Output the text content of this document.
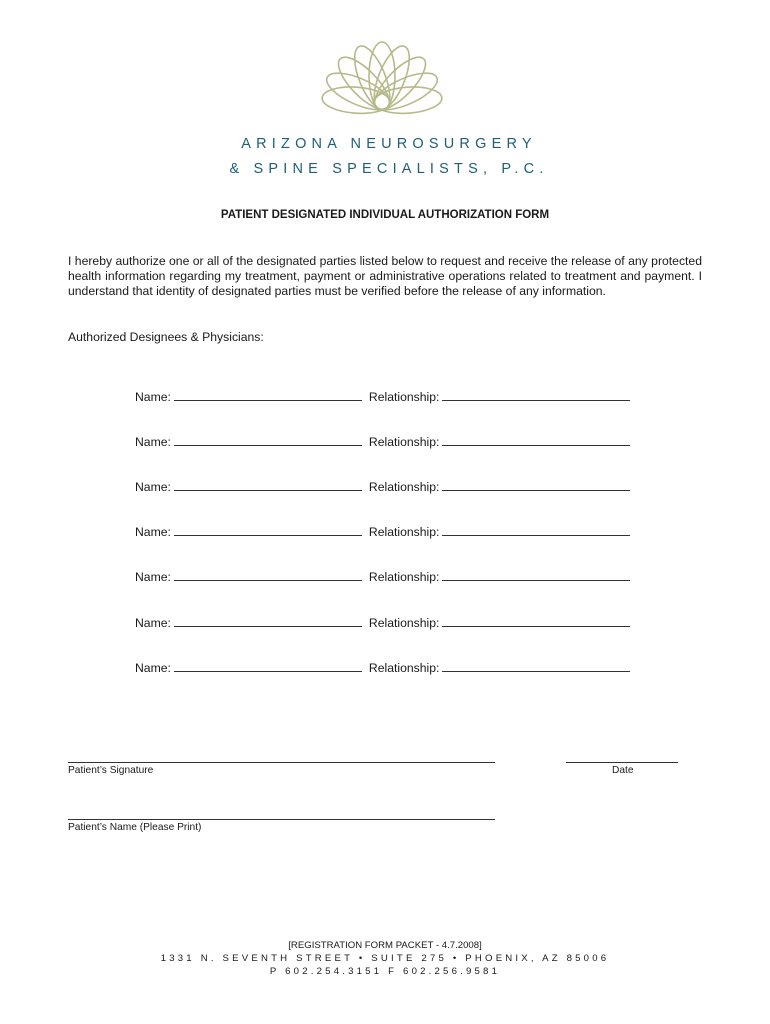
ARIZONA NEUROSURGERY
& SPINE SPECIALISTS, P.C.
PATIENT DESIGNATED INDIVIDUAL AUTHORIZATION FORM

I hereby authorize one or all of the designated parties listed below to request and receive the release of any protected health information regarding my treatment, payment or administrative operations related to treatment and payment. I understand that identity of designated parties must be verified before the release of any information.

Authorized Designees & Physicians:
Name:	Relationship:
Name:	Relationship:
Name:	Relationship:
Name:	Relationship:
Name:	Relationship:
Name:	Relationship:
Name:	Relationship:
Patient’s Signature	Date
Patient’s Name (Please Print)
[REGISTRATION FORM PACKET - 4.7.2008]
1331 N. SEVENTH STREET • SUITE 275 • PHOENIX, AZ 85006
P 602.254.3151 F 602.256.9581
